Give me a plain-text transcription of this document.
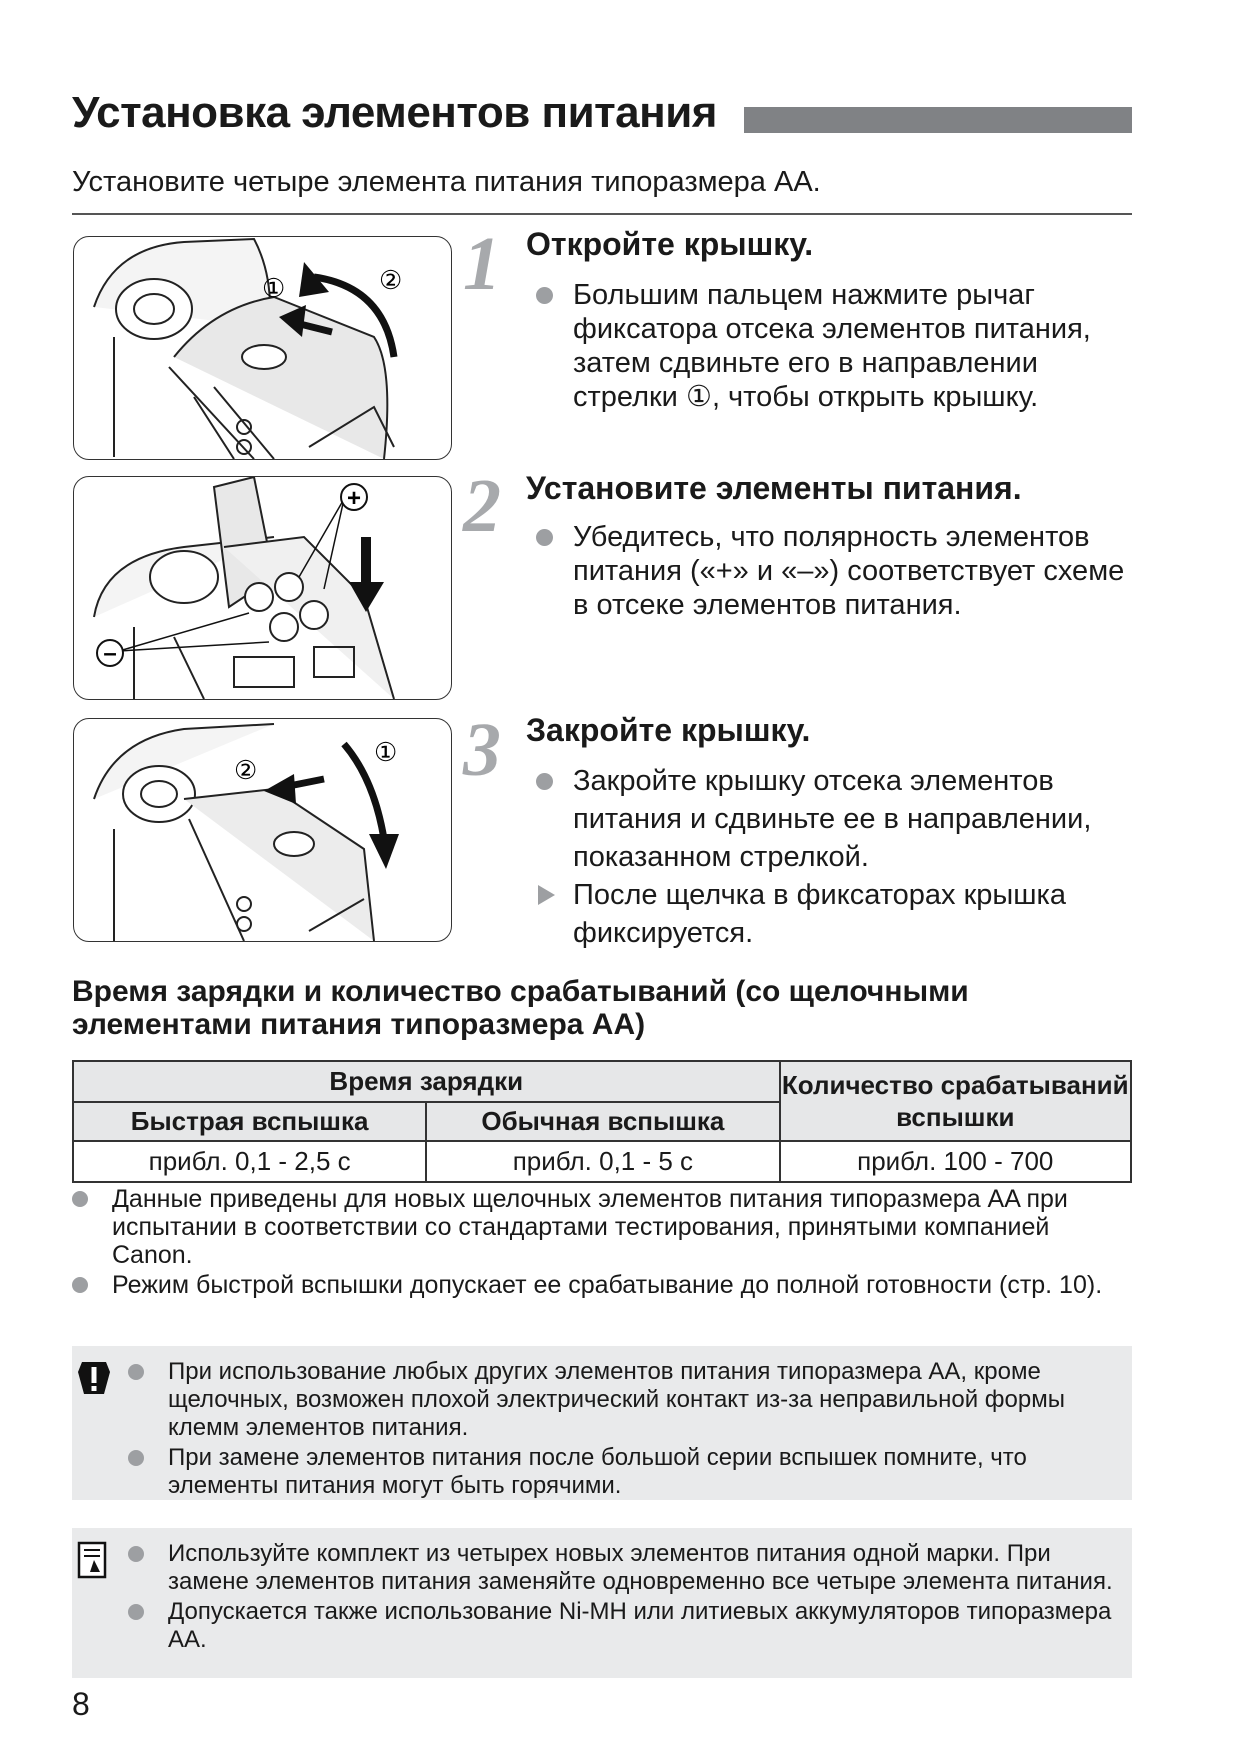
Установка элементов питания
Установите четыре элемента питания типоразмера AA.
①	②
+
–
②
①
1 Откройте крышку.
Большим пальцем нажмите рычаг фиксатора отсека элементов питания, затем сдвиньте его в направлении стрелки ①, чтобы открыть крышку.
2 Установите элементы питания.
Убедитесь, что полярность элементов питания («+» и «–») соответствует схеме в отсеке элементов питания.
3 Закройте крышку.
Закройте крышку отсека элементов питания и сдвиньте ее в направлении, показанном стрелкой.
После щелчка в фиксаторах крышка фиксируется.
Время зарядки и количество срабатываний (со щелочными элементами питания типоразмера AA)
Время зарядки		Количество срабатываний вспышки
Быстрая вспышка	Обычная вспышка	
прибл. 0,1 - 2,5 с	прибл. 0,1 - 5 с	прибл. 100 - 700
Данные приведены для новых щелочных элементов питания типоразмера AA при испытании в соответствии со стандартами тестирования, принятыми компанией Canon.
Режим быстрой вспышки допускает ее срабатывание до полной готовности (стр. 10).
При использование любых других элементов питания типоразмера AA, кроме щелочных, возможен плохой электрический контакт из-за неправильной формы клемм элементов питания.
При замене элементов питания после большой серии вспышек помните, что элементы питания могут быть горячими.
Используйте комплект из четырех новых элементов питания одной марки. При замене элементов питания заменяйте одновременно все четыре элемента питания.
Допускается также использование Ni-MH или литиевых аккумуляторов типоразмера AA.
8
